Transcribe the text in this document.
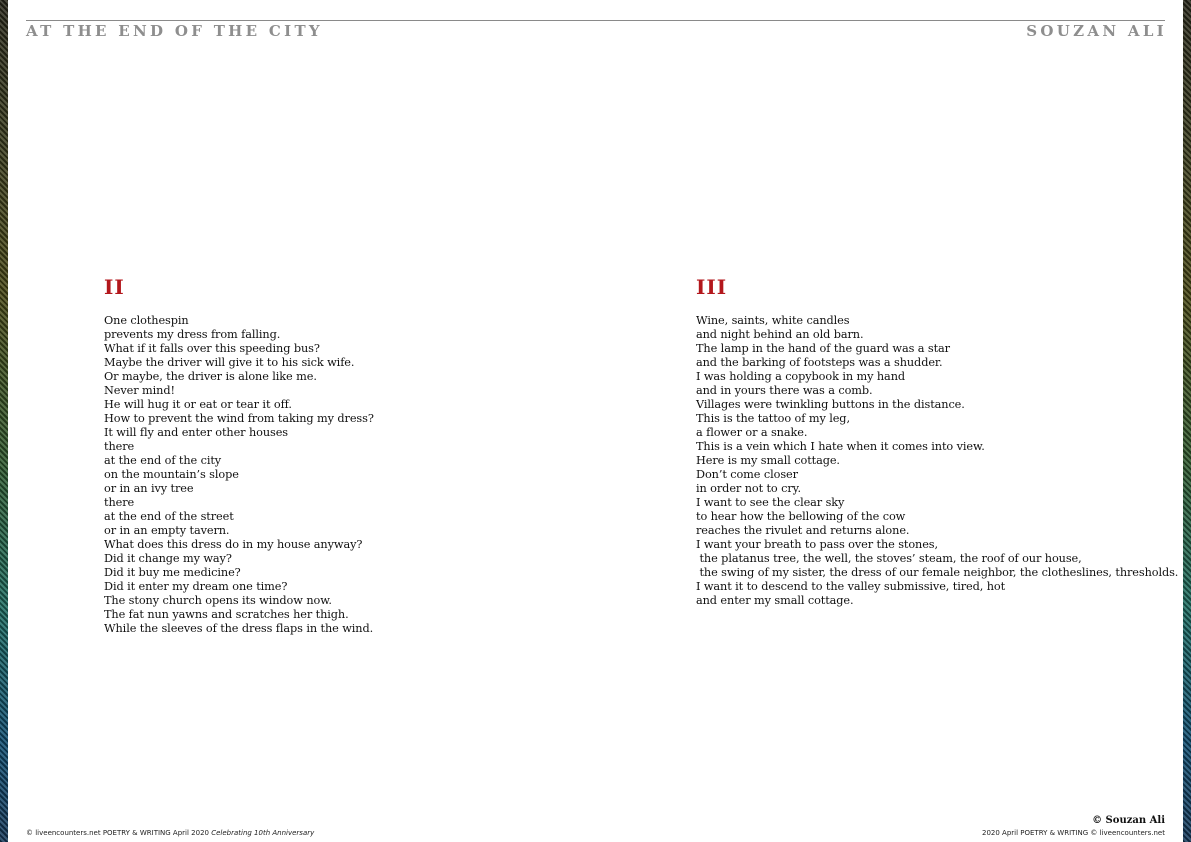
AT THE END OF THE CITY	SOUZAN ALI
II
One clothespin
prevents my dress from falling.
What if it falls over this speeding bus?
Maybe the driver will give it to his sick wife.
Or maybe, the driver is alone like me.
Never mind!
He will hug it or eat or tear it off.
How to prevent the wind from taking my dress?
It will fly and enter other houses
there
at the end of the city
on the mountain’s slope
or in an ivy tree
there
at the end of the street
or in an empty tavern.
What does this dress do in my house anyway?
Did it change my way?
Did it buy me medicine?
Did it enter my dream one time?
The stony church opens its window now.
The fat nun yawns and scratches her thigh.
While the sleeves of the dress flaps in the wind.
III
Wine, saints, white candles
and night behind an old barn.
The lamp in the hand of the guard was a star
and the barking of footsteps was a shudder.
I was holding a copybook in my hand
and in yours there was a comb.
Villages were twinkling buttons in the distance.
This is the tattoo of my leg,
a flower or a snake.
This is a vein which I hate when it comes into view.
Here is my small cottage.
Don’t come closer
in order not to cry.
I want to see the clear sky
to hear how the bellowing of the cow
reaches the rivulet and returns alone.
I want your breath to pass over the stones,
the platanus tree, the well, the stoves’ steam, the roof of our house,
the swing of my sister, the dress of our female neighbor, the clotheslines, thresholds.
I want it to descend to the valley submissive, tired, hot
and enter my small cottage.
© liveencounters.net POETRY & WRITING April 2020 Celebrating 10th Anniversary
© Souzan Ali
2020 April POETRY & WRITING © liveencounters.net
